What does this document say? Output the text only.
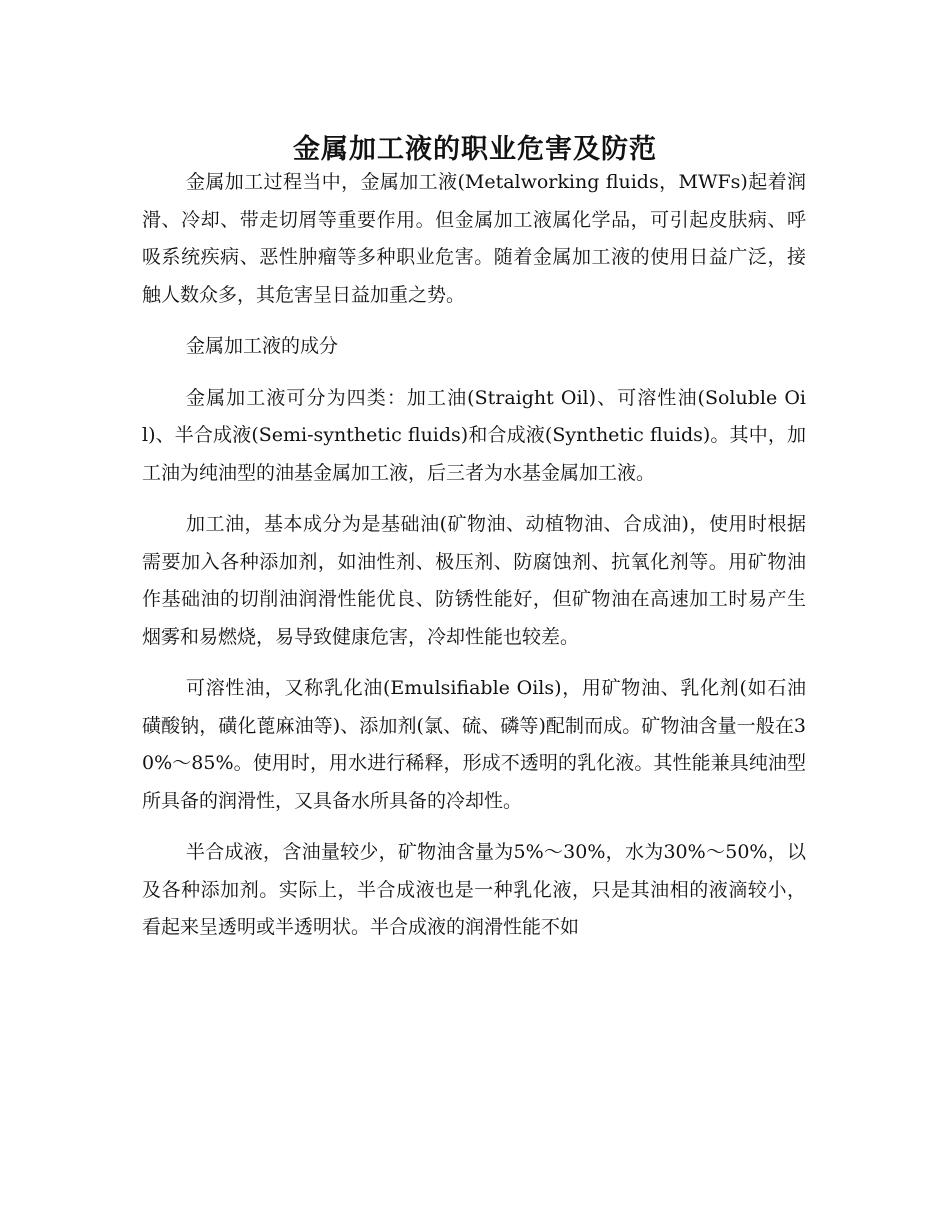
金属加工液的职业危害及防范

金属加工过程当中，金属加工液(Metalworking fluids，MWFs)起着润滑、冷却、带走切屑等重要作用。但金属加工液属化学品，可引起皮肤病、呼吸系统疾病、恶性肿瘤等多种职业危害。随着金属加工液的使用日益广泛，接触人数众多，其危害呈日益加重之势。

金属加工液的成分

金属加工液可分为四类：加工油(Straight Oil)、可溶性油(Soluble Oil)、半合成液(Semi-synthetic fluids)和合成液(Synthetic fluids)。其中，加工油为纯油型的油基金属加工液，后三者为水基金属加工液。

加工油，基本成分为是基础油(矿物油、动植物油、合成油)，使用时根据需要加入各种添加剂，如油性剂、极压剂、防腐蚀剂、抗氧化剂等。用矿物油作基础油的切削油润滑性能优良、防锈性能好，但矿物油在高速加工时易产生烟雾和易燃烧，易导致健康危害，冷却性能也较差。

可溶性油，又称乳化油(Emulsifiable Oils)，用矿物油、乳化剂(如石油磺酸钠，磺化蓖麻油等)、添加剂(氯、硫、磷等)配制而成。矿物油含量一般在30%～85%。使用时，用水进行稀释，形成不透明的乳化液。其性能兼具纯油型所具备的润滑性，又具备水所具备的冷却性。

半合成液，含油量较少，矿物油含量为5%～30%，水为30%～50%，以及各种添加剂。实际上，半合成液也是一种乳化液，只是其油相的液滴较小，看起来呈透明或半透明状。半合成液的润滑性能不如
